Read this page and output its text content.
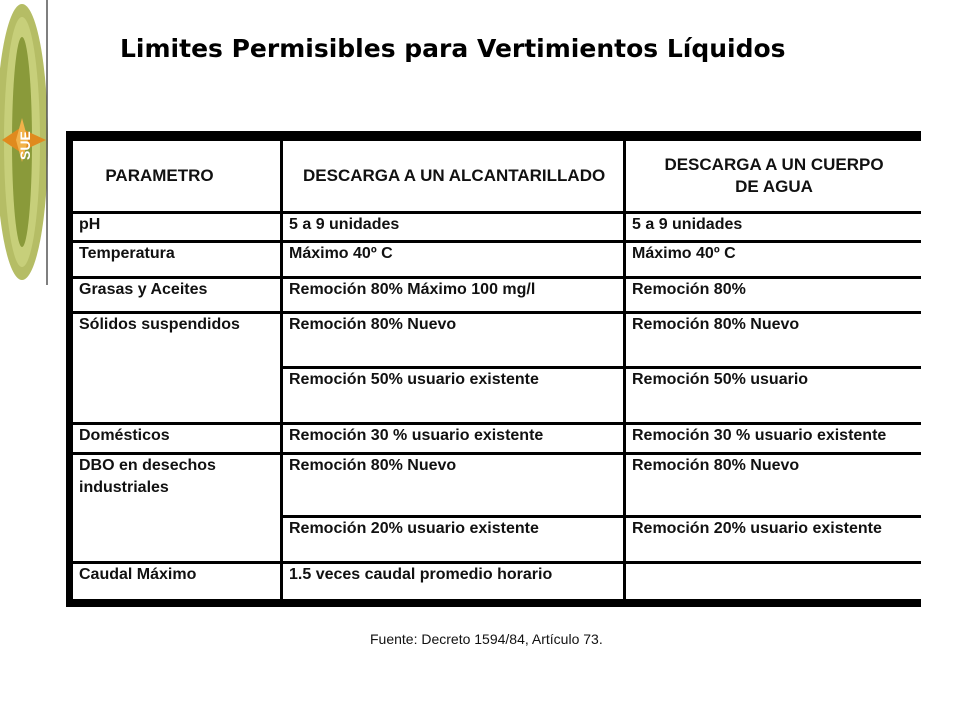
SUE
Limites Permisibles para Vertimientos Líquidos
PARAMETRO	DESCARGA A UN ALCANTARILLADO	DESCARGA A UN CUERPO DE AGUA
pH	5 a 9 unidades	5 a 9 unidades
Temperatura	Máximo 40º C	Máximo 40º C
Grasas y Aceites	Remoción 80% Máximo 100 mg/l	Remoción 80%
Sólidos suspendidos	Remoción 80% Nuevo	Remoción 80% Nuevo
	Remoción 50% usuario existente	Remoción 50% usuario
Domésticos	Remoción 30 % usuario existente	Remoción 30 % usuario existente
DBO en desechos industriales	Remoción 80% Nuevo	Remoción 80% Nuevo
	Remoción 20% usuario existente	Remoción 20% usuario existente
Caudal Máximo	1.5 veces caudal promedio horario	

Fuente: Decreto 1594/84, Artículo 73.
